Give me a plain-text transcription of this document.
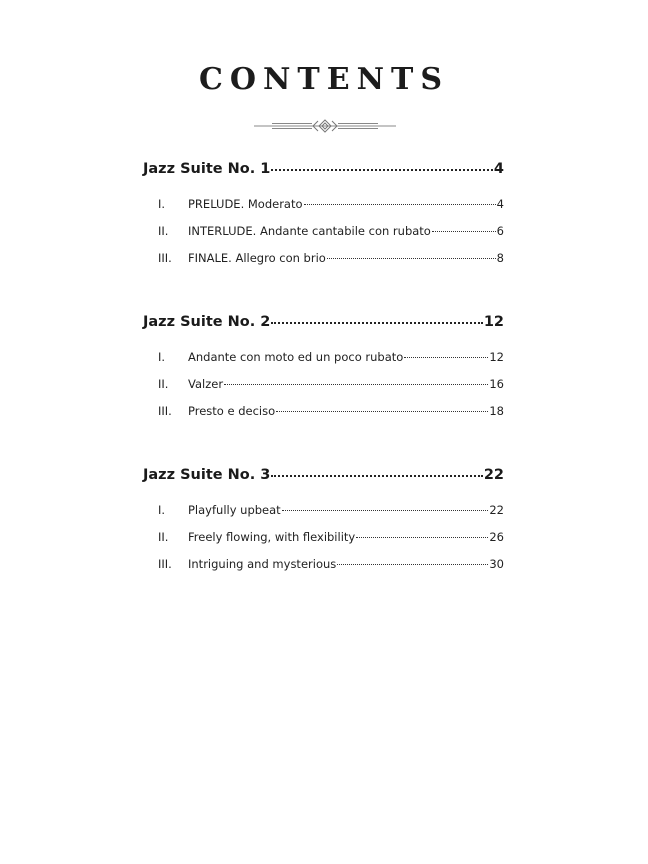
CONTENTS
Jazz Suite No. 1	4
I.	PRELUDE. Moderato	4
II.	INTERLUDE. Andante cantabile con rubato	6
III.	FINALE. Allegro con brio	8
Jazz Suite No. 2	12
I.	Andante con moto ed un poco rubato	12
II.	Valzer	16
III.	Presto e deciso	18
Jazz Suite No. 3	22
I.	Playfully upbeat	22
II.	Freely flowing, with flexibility	26
III.	Intriguing and mysterious	30
